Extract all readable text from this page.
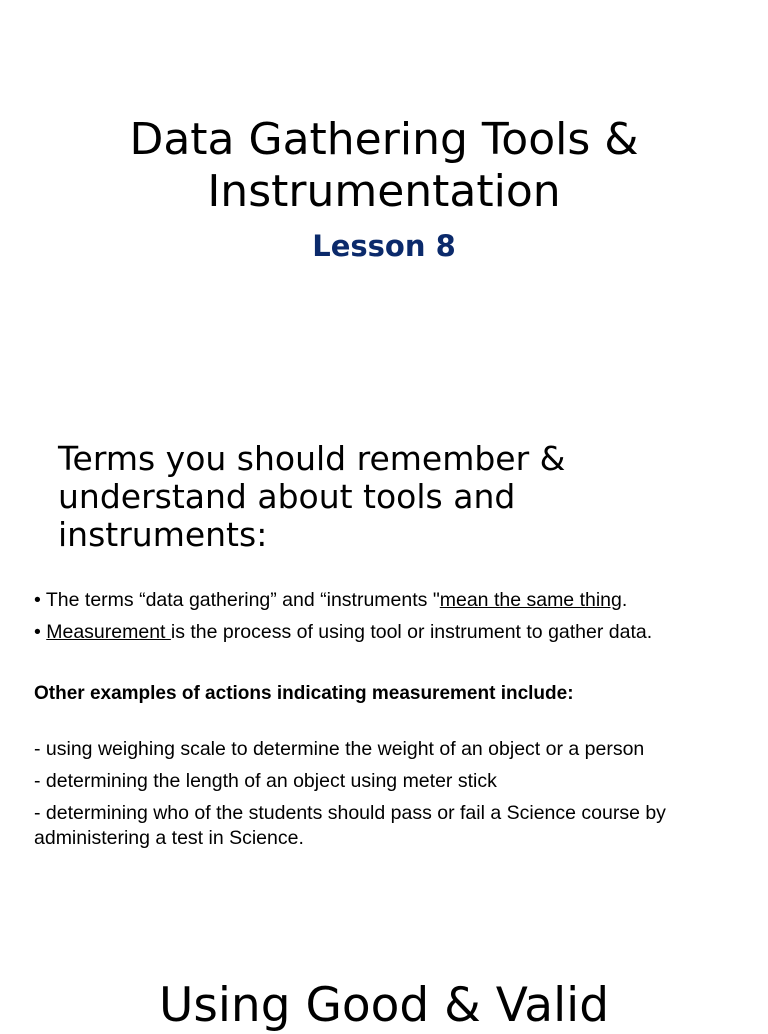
Data Gathering Tools &
Instrumentation

Lesson 8

Terms you should remember &
understand about tools and
instruments:
• The terms “data gathering” and “instruments "mean the same thing.
• Measurement is the process of using tool or instrument to gather data.

Other examples of actions indicating measurement include:

- using weighing scale to determine the weight of an object or a person
- determining the length of an object using meter stick
- determining who of the students should pass or fail a Science course by administering a test in Science.
Using Good & Valid
